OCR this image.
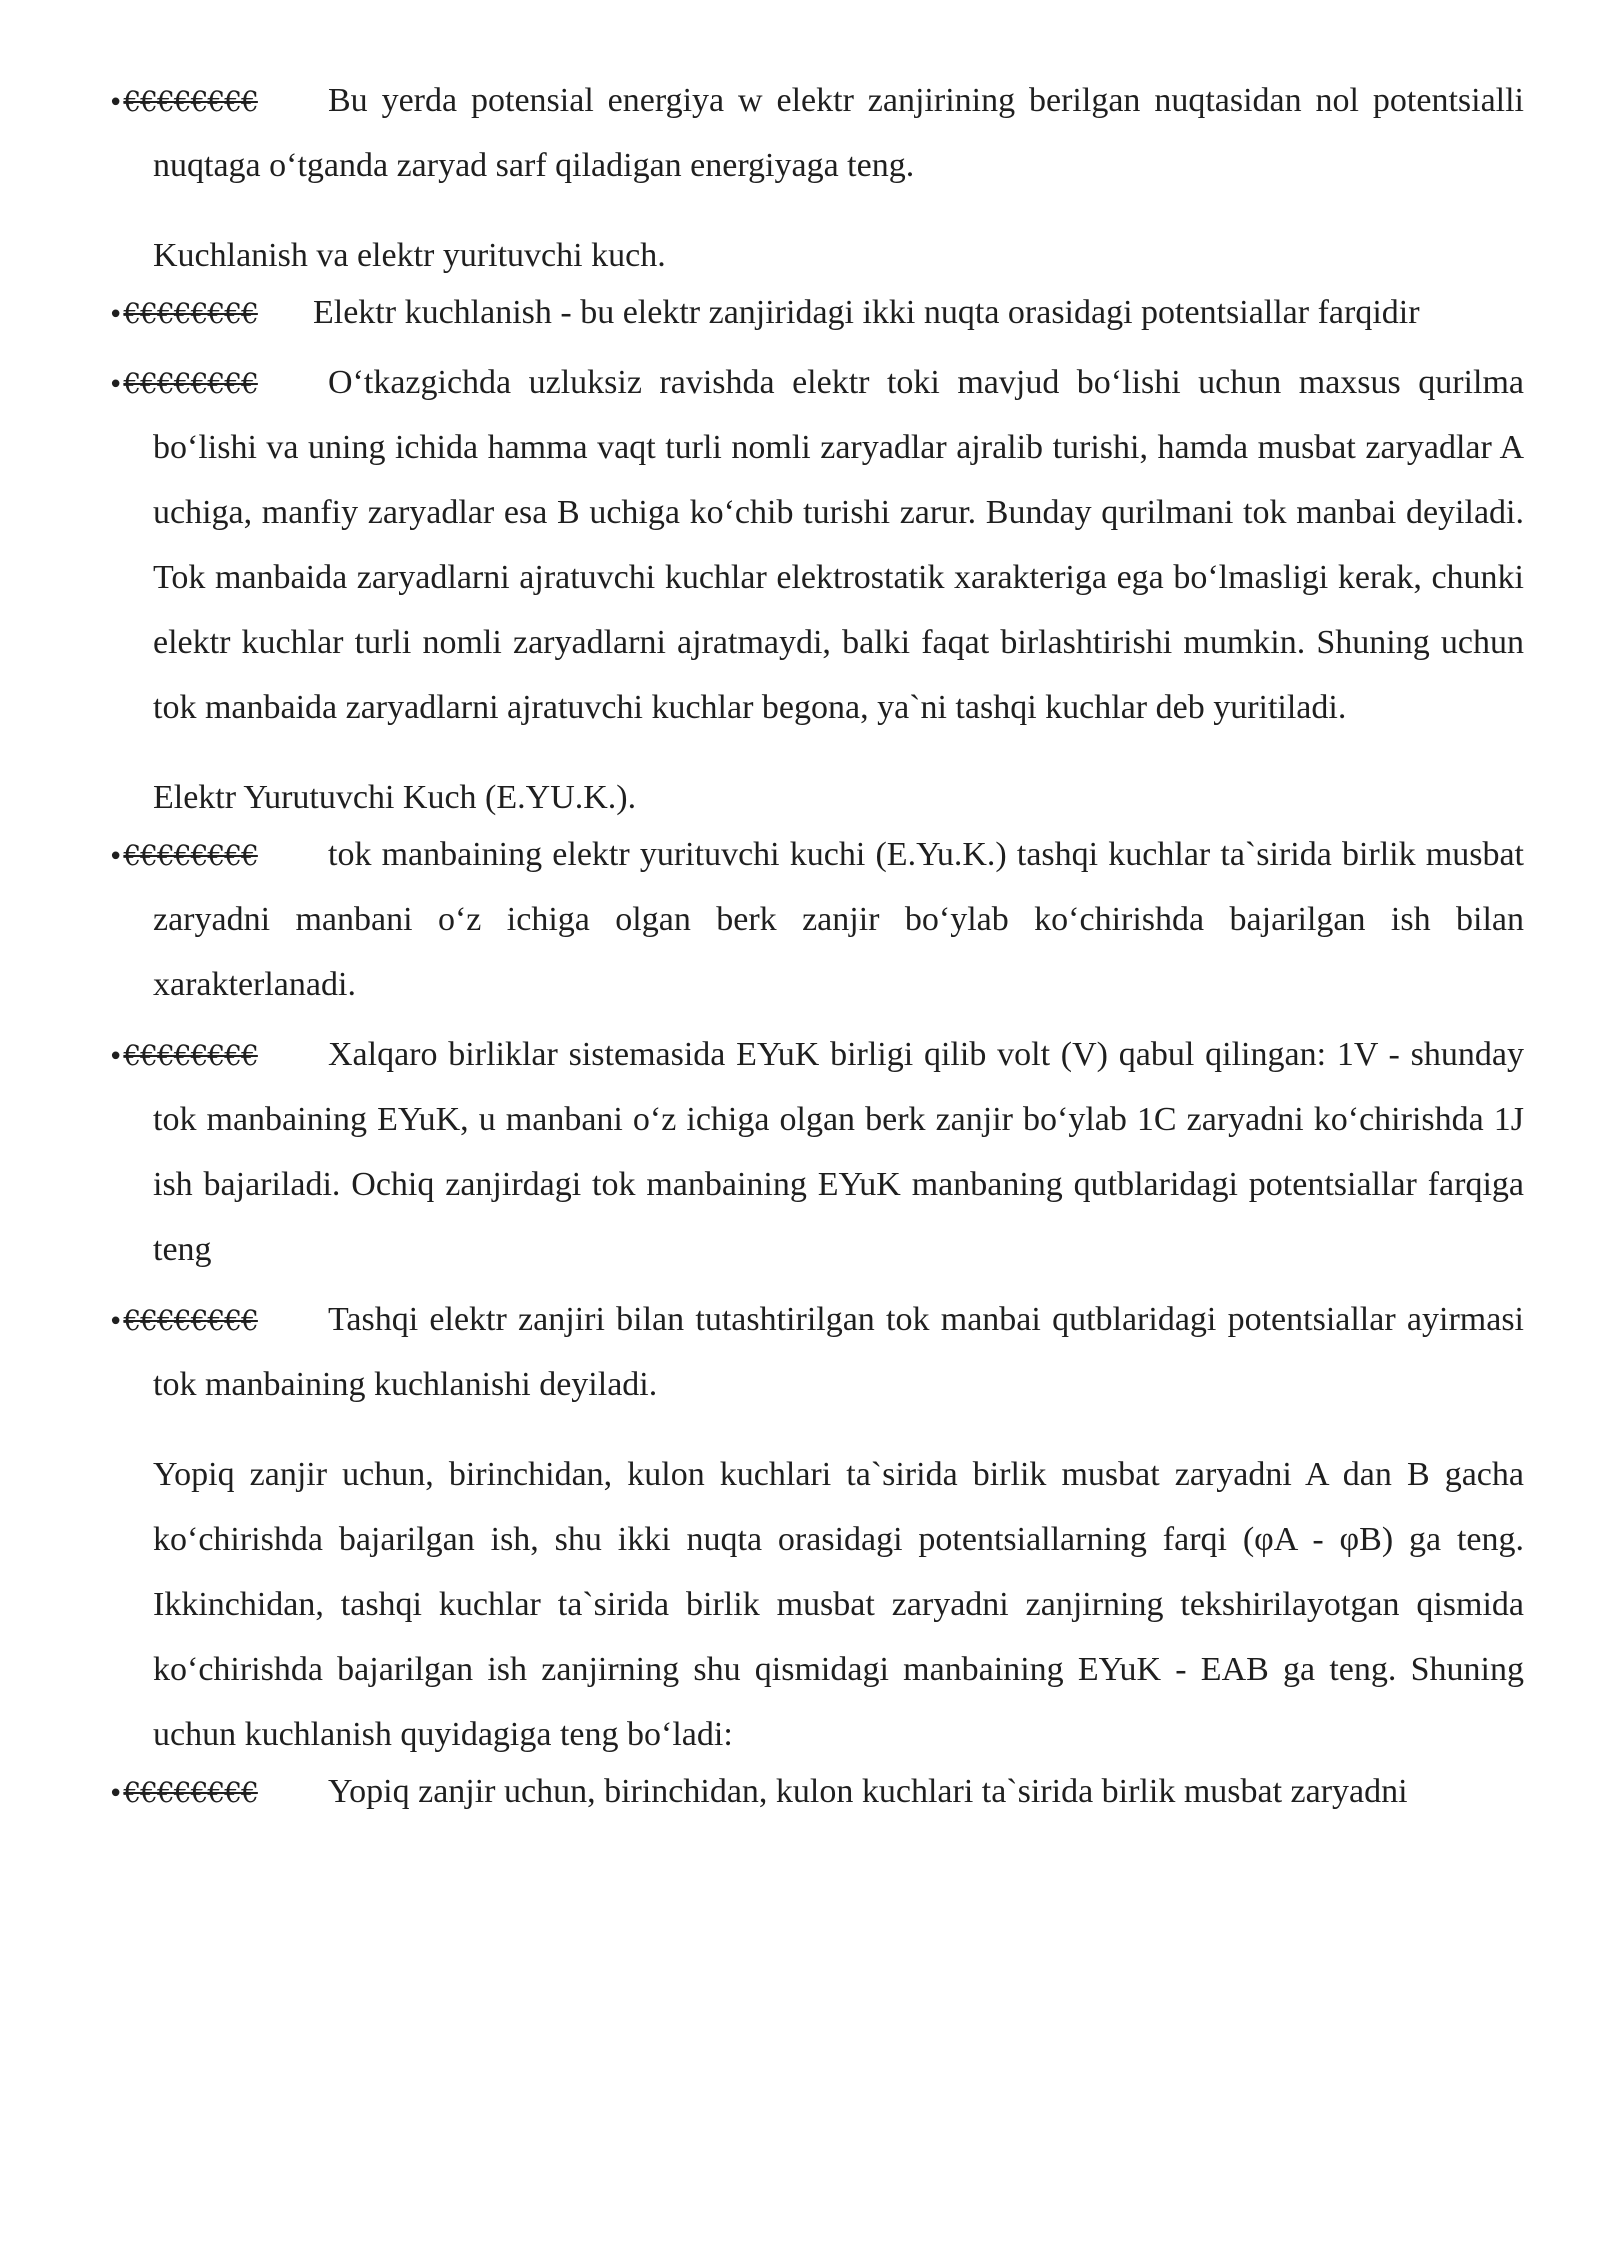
•€€€€€€€€ Bu yerda potensial energiya w elektr zanjirining berilgan nuqtasidan nol potentsialli nuqtaga oʻtganda zaryad sarf qiladigan energiyaga teng.
Kuchlanish va elektr yurituvchi kuch.
•€€€€€€€€ Elektr kuchlanish - bu elektr zanjiridagi ikki nuqta orasidagi potentsiallar farqidir
•€€€€€€€€ Oʻtkazgichda uzluksiz ravishda elektr toki mavjud boʻlishi uchun maxsus qurilma boʻlishi va uning ichida hamma vaqt turli nomli zaryadlar ajralib turishi, hamda musbat zaryadlar A uchiga, manfiy zaryadlar esa B uchiga koʻchib turishi zarur. Bunday qurilmani tok manbai deyiladi. Tok manbaida zaryadlarni ajratuvchi kuchlar elektrostatik xarakteriga ega boʻlmasligi kerak, chunki elektr kuchlar turli nomli zaryadlarni ajratmaydi, balki faqat birlashtirishi mumkin. Shuning uchun tok manbaida zaryadlarni ajratuvchi kuchlar begona, ya`ni tashqi kuchlar deb yuritiladi.
Elektr Yurutuvchi Kuch (E.YU.K.).
•€€€€€€€€ tok manbaining elektr yurituvchi kuchi (E.Yu.K.) tashqi kuchlar ta`sirida birlik musbat zaryadni manbani oʻz ichiga olgan berk zanjir boʻylab koʻchirishda bajarilgan ish bilan xarakterlanadi.
•€€€€€€€€ Xalqaro birliklar sistemasida EYuK birligi qilib volt (V) qabul qilingan: 1V - shunday tok manbaining EYuK, u manbani oʻz ichiga olgan berk zanjir boʻylab 1C zaryadni koʻchirishda 1J ish bajariladi. Ochiq zanjirdagi tok manbaining EYuK manbaning qutblaridagi potentsiallar farqiga teng
•€€€€€€€€ Tashqi elektr zanjiri bilan tutashtirilgan tok manbai qutblaridagi potentsiallar ayirmasi tok manbaining kuchlanishi deyiladi.
Yopiq zanjir uchun, birinchidan, kulon kuchlari ta`sirida birlik musbat zaryadni A dan B gacha koʻchirishda bajarilgan ish, shu ikki nuqta orasidagi potentsiallarning farqi (φA - φB) ga teng. Ikkinchidan, tashqi kuchlar ta`sirida birlik musbat zaryadni zanjirning tekshirilayotgan qismida koʻchirishda bajarilgan ish zanjirning shu qismidagi manbaining EYuK - EAB ga teng. Shuning uchun kuchlanish quyidagiga teng boʻladi:
•€€€€€€€€ Yopiq zanjir uchun, birinchidan, kulon kuchlari ta`sirida birlik musbat zaryadni
